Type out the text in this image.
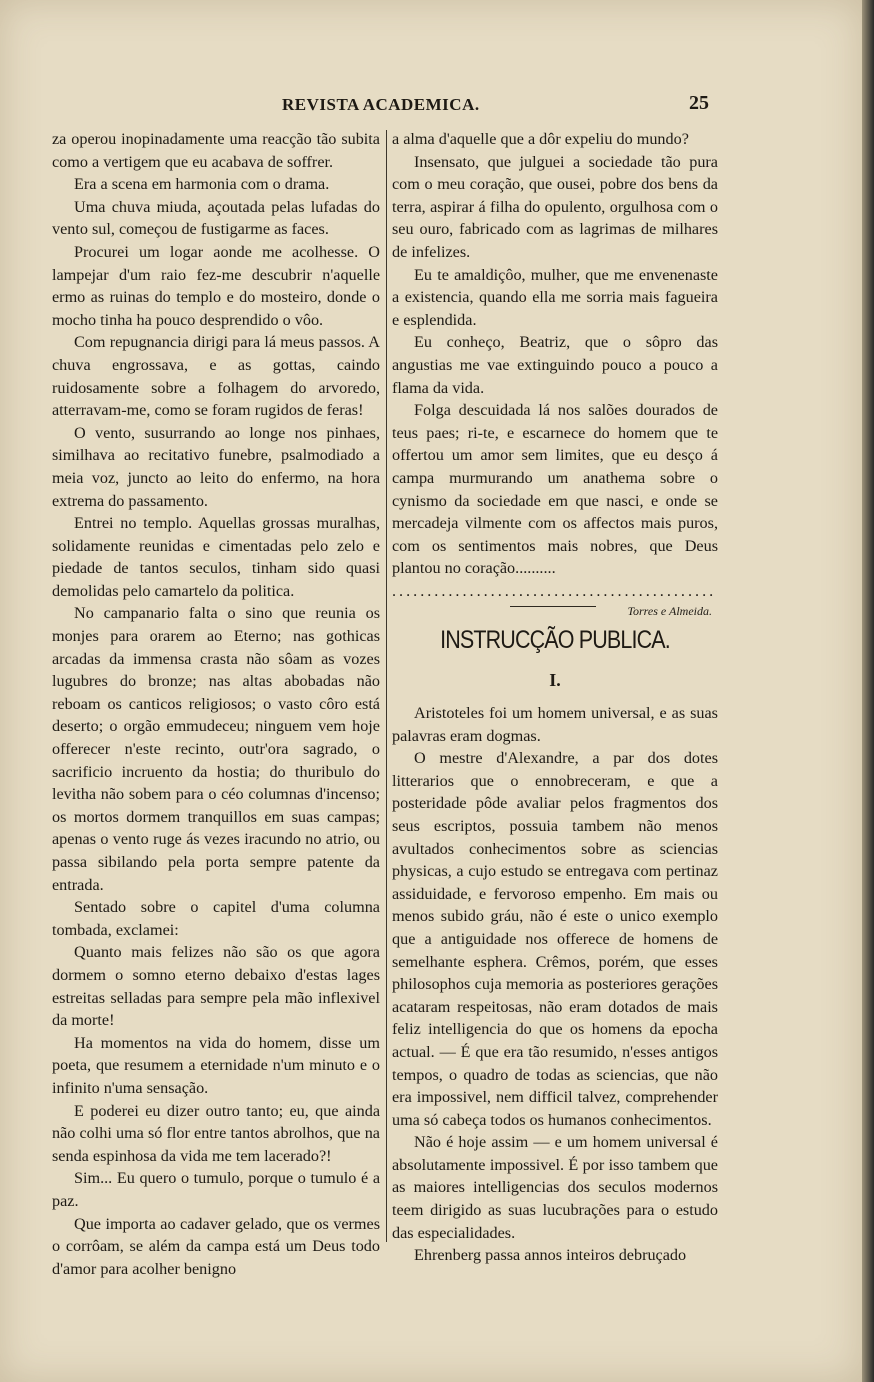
REVISTA ACADEMICA.	25

za operou inopinadamente uma reacção tão subita como a vertigem que eu acabava de soffrer.

Era a scena em harmonia com o drama.

Uma chuva miuda, açoutada pelas lufadas do vento sul, começou de fustigarme as faces.

Procurei um logar aonde me acolhesse. O lampejar d'um raio fez-me descubrir n'aquelle ermo as ruinas do templo e do mosteiro, donde o mocho tinha ha pouco desprendido o vôo.

Com repugnancia dirigi para lá meus passos. A chuva engrossava, e as gottas, caindo ruidosamente sobre a folhagem do arvoredo, atterravam-me, como se foram rugidos de feras!

O vento, susurrando ao longe nos pinhaes, similhava ao recitativo funebre, psalmodiado a meia voz, juncto ao leito do enfermo, na hora extrema do passamento.

Entrei no templo. Aquellas grossas muralhas, solidamente reunidas e cimentadas pelo zelo e piedade de tantos seculos, tinham sido quasi demolidas pelo camartelo da politica.

No campanario falta o sino que reunia os monjes para orarem ao Eterno; nas gothicas arcadas da immensa crasta não sôam as vozes lugubres do bronze; nas altas abobadas não reboam os canticos religiosos; o vasto côro está deserto; o orgão emmudeceu; ninguem vem hoje offerecer n'este recinto, outr'ora sagrado, o sacrificio incruento da hostia; do thuribulo do levitha não sobem para o céo columnas d'incenso; os mortos dormem tranquillos em suas campas; apenas o vento ruge ás vezes iracundo no atrio, ou passa sibilando pela porta sempre patente da entrada.

Sentado sobre o capitel d'uma columna tombada, exclamei:

Quanto mais felizes não são os que agora dormem o somno eterno debaixo d'estas lages estreitas selladas para sempre pela mão inflexivel da morte!

Ha momentos na vida do homem, disse um poeta, que resumem a eternidade n'um minuto e o infinito n'uma sensação.

E poderei eu dizer outro tanto; eu, que ainda não colhi uma só flor entre tantos abrolhos, que na senda espinhosa da vida me tem lacerado?!

Sim... Eu quero o tumulo, porque o tumulo é a paz.

Que importa ao cadaver gelado, que os vermes o corrôam, se além da campa está um Deus todo d'amor para acolher benigno

a alma d'aquelle que a dôr expeliu do mundo?

Insensato, que julguei a sociedade tão pura com o meu coração, que ousei, pobre dos bens da terra, aspirar á filha do opulento, orgulhosa com o seu ouro, fabricado com as lagrimas de milhares de infelizes.

Eu te amaldiçôo, mulher, que me envenenaste a existencia, quando ella me sorria mais fagueira e esplendida.

Eu conheço, Beatriz, que o sôpro das angustias me vae extinguindo pouco a pouco a flama da vida.

Folga descuidada lá nos salões dourados de teus paes; ri-te, e escarnece do homem que te offertou um amor sem limites, que eu desço á campa murmurando um anathema sobre o cynismo da sociedade em que nasci, e onde se mercadeja vilmente com os affectos mais puros, com os sentimentos mais nobres, que Deus plantou no coração..........

..............................................
Torres e Almeida.
INSTRUCÇÃO PUBLICA.
I.

Aristoteles foi um homem universal, e as suas palavras eram dogmas.

O mestre d'Alexandre, a par dos dotes litterarios que o ennobreceram, e que a posteridade pôde avaliar pelos fragmentos dos seus escriptos, possuia tambem não menos avultados conhecimentos sobre as sciencias physicas, a cujo estudo se entregava com pertinaz assiduidade, e fervoroso empenho. Em mais ou menos subido gráu, não é este o unico exemplo que a antiguidade nos offerece de homens de semelhante esphera. Crêmos, porém, que esses philosophos cuja memoria as posteriores gerações acataram respeitosas, não eram dotados de mais feliz intelligencia do que os homens da epocha actual. — É que era tão resumido, n'esses antigos tempos, o quadro de todas as sciencias, que não era impossivel, nem difficil talvez, comprehender uma só cabeça todos os humanos conhecimentos.

Não é hoje assim — e um homem universal é absolutamente impossivel. É por isso tambem que as maiores intelligencias dos seculos modernos teem dirigido as suas lucubrações para o estudo das especialidades.

Ehrenberg passa annos inteiros debruçado
